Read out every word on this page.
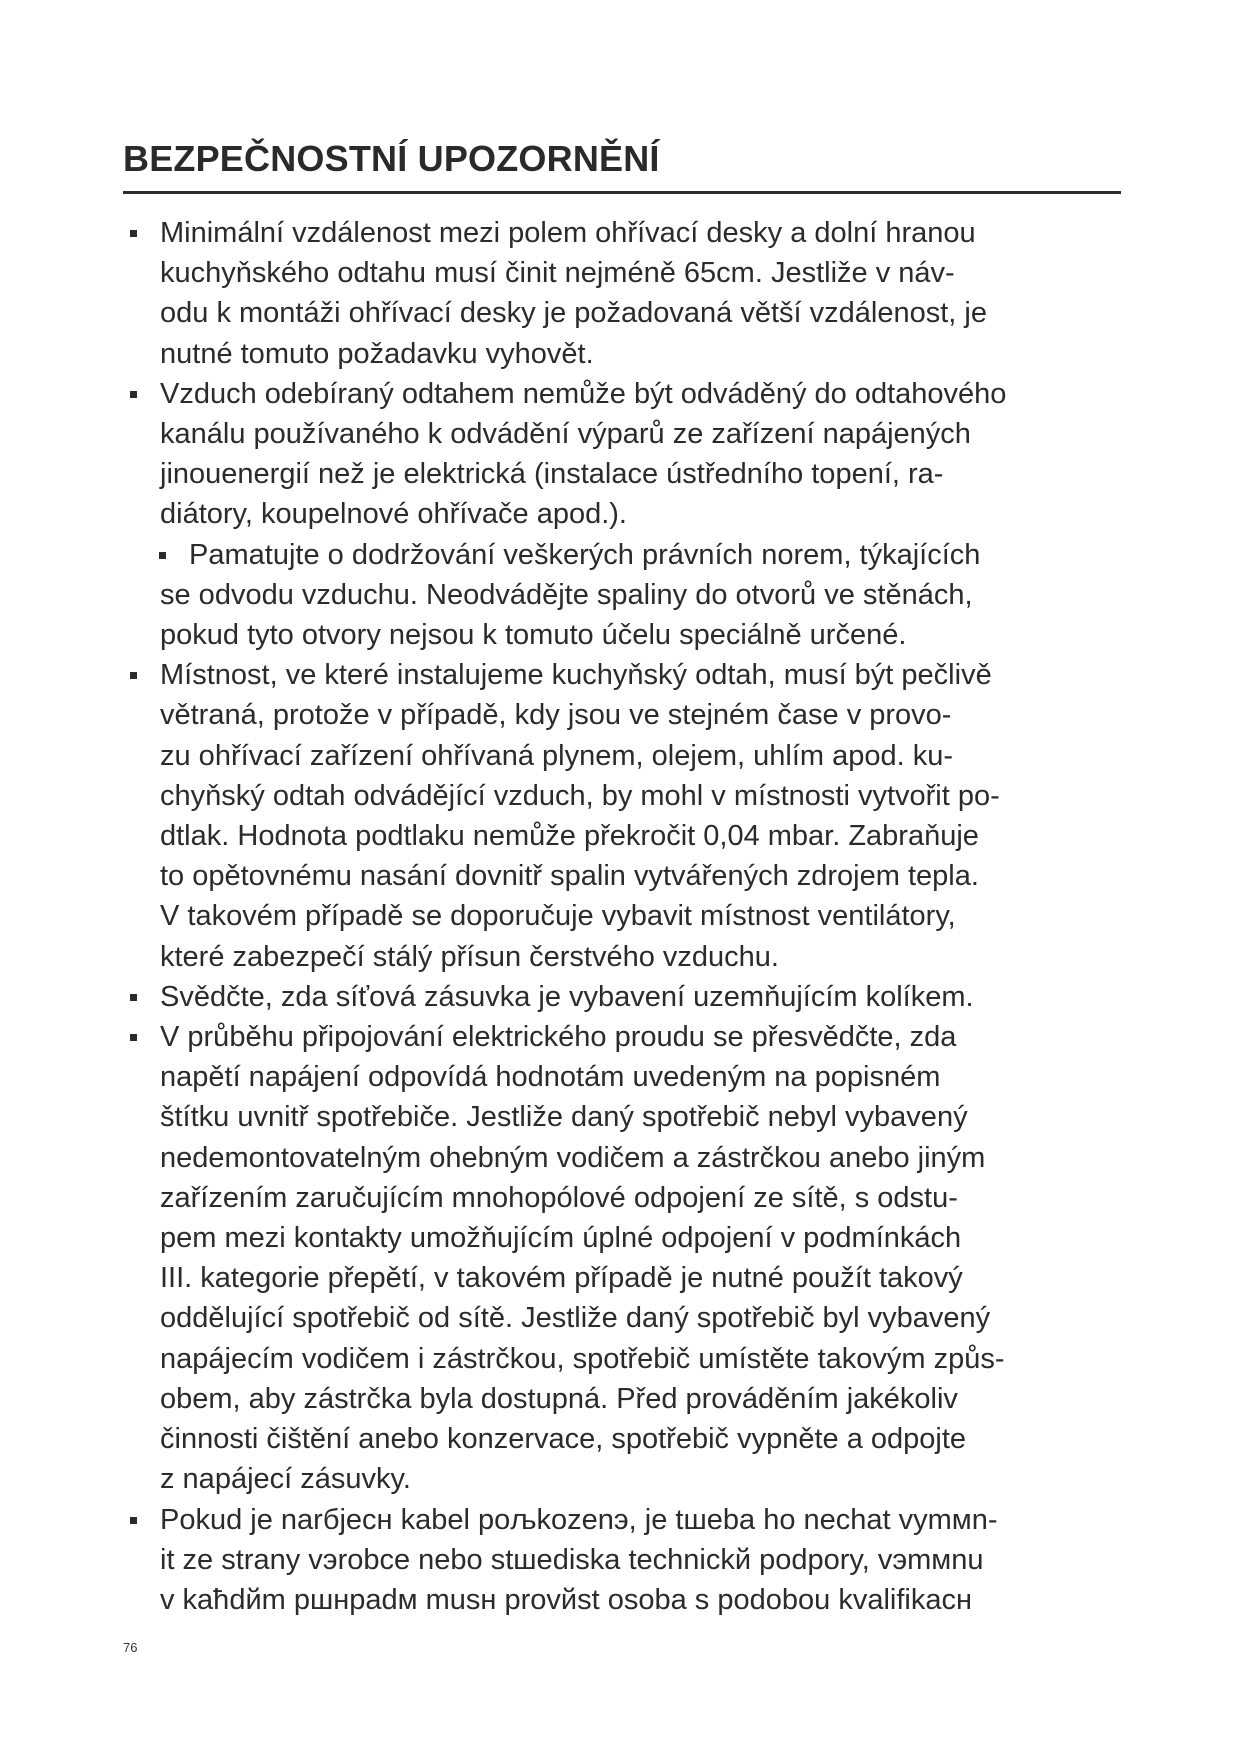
BEZPEČNOSTNÍ UPOZORNĚNÍ
Minimální vzdálenost mezi polem ohřívací desky a dolní hranou
kuchyňského odtahu musí činit nejméně 65cm. Jestliže v náv-
odu k montáži ohřívací desky je požadovaná větší vzdálenost, je
nutné tomuto požadavku vyhovět.
Vzduch odebíraný odtahem nemůže být odváděný do odtahového
kanálu používaného k odvádění výparů ze zařízení napájených
jinouenergií než je elektrická (instalace ústředního topení, ra-
diátory, koupelnové ohřívače apod.).
Pamatujte o dodržování veškerých právních norem, týkajících
se odvodu vzduchu. Neodvádějte spaliny do otvorů ve stěnách,
pokud tyto otvory nejsou k tomuto účelu speciálně určené.
Místnost, ve které instalujeme kuchyňský odtah, musí být pečlivě
větraná, protože v případě, kdy jsou ve stejném čase v provo-
zu ohřívací zařízení ohřívaná plynem, olejem, uhlím apod. ku-
chyňský odtah odvádějící vzduch, by mohl v místnosti vytvořit po-
dtlak. Hodnota podtlaku nemůže překročit 0,04 mbar. Zabraňuje
to opětovnému nasání dovnitř spalin vytvářených zdrojem tepla.
V takovém případě se doporučuje vybavit místnost ventilátory,
které zabezpečí stálý přísun čerstvého vzduchu.
Svědčte, zda síťová zásuvka je vybavení uzemňujícím kolíkem.
V průběhu připojování elektrického proudu se přesvědčte, zda
napětí napájení odpovídá hodnotám uvedeným na popisném
štítku uvnitř spotřebiče. Jestliže daný spotřebič nebyl vybavený
nedemontovatelným ohebným vodičem a zástrčkou anebo jiným
zařízením zaručujícím mnohopólové odpojení ze sítě, s odstu-
pem mezi kontakty umožňujícím úplné odpojení v podmínkách
III. kategorie přepětí, v takovém případě je nutné použít takový
oddělující spotřebič od sítě. Jestliže daný spotřebič byl vybavený
napájecím vodičem i zástrčkou, spotřebič umístěte takovým způs-
obem, aby zástrčka byla dostupná. Před prováděním jakékoliv
činnosti čištění anebo konzervace, spotřebič vypněte a odpojte
z napájecí zásuvky.
Pokud je narбjecн kabel poљkozenэ, je tшeba ho nechat vymмn-
it ze strany vэrobce nebo stшediska technickй podpory, vэmмnu
v kaћdйm pшнpadм musн provйst osoba s podobou kvalifikacн
76
